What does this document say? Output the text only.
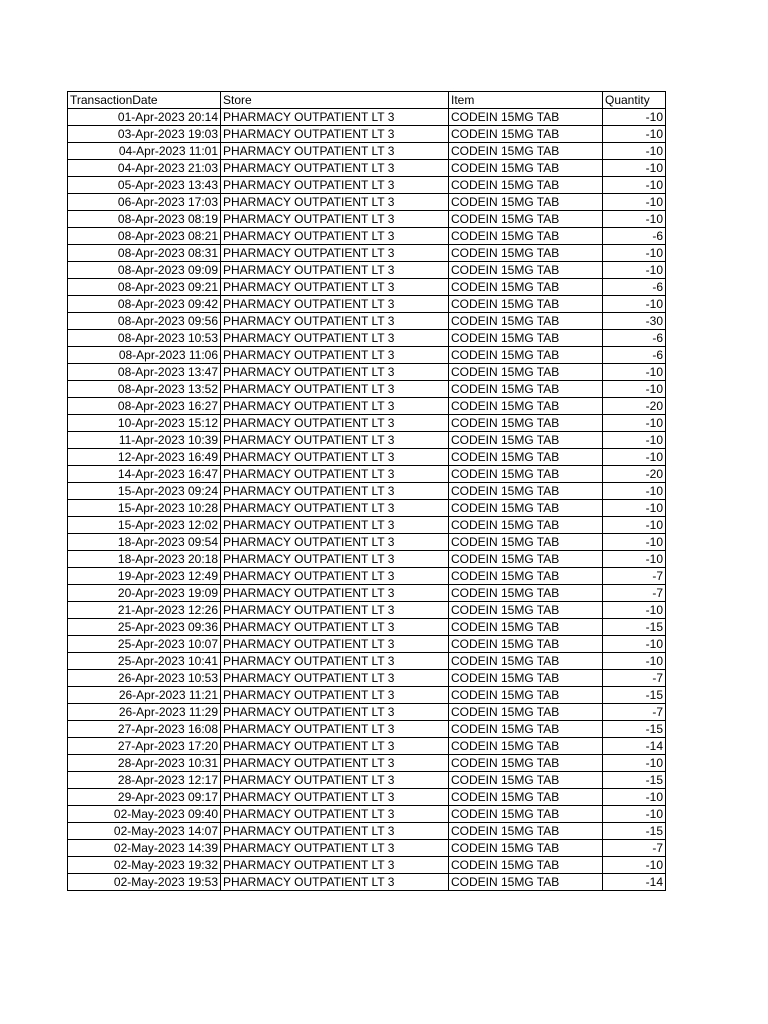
TransactionDate	Store	Item	Quantity
01-Apr-2023 20:14	PHARMACY OUTPATIENT LT 3	CODEIN 15MG TAB	-10
03-Apr-2023 19:03	PHARMACY OUTPATIENT LT 3	CODEIN 15MG TAB	-10
04-Apr-2023 11:01	PHARMACY OUTPATIENT LT 3	CODEIN 15MG TAB	-10
04-Apr-2023 21:03	PHARMACY OUTPATIENT LT 3	CODEIN 15MG TAB	-10
05-Apr-2023 13:43	PHARMACY OUTPATIENT LT 3	CODEIN 15MG TAB	-10
06-Apr-2023 17:03	PHARMACY OUTPATIENT LT 3	CODEIN 15MG TAB	-10
08-Apr-2023 08:19	PHARMACY OUTPATIENT LT 3	CODEIN 15MG TAB	-10
08-Apr-2023 08:21	PHARMACY OUTPATIENT LT 3	CODEIN 15MG TAB	-6
08-Apr-2023 08:31	PHARMACY OUTPATIENT LT 3	CODEIN 15MG TAB	-10
08-Apr-2023 09:09	PHARMACY OUTPATIENT LT 3	CODEIN 15MG TAB	-10
08-Apr-2023 09:21	PHARMACY OUTPATIENT LT 3	CODEIN 15MG TAB	-6
08-Apr-2023 09:42	PHARMACY OUTPATIENT LT 3	CODEIN 15MG TAB	-10
08-Apr-2023 09:56	PHARMACY OUTPATIENT LT 3	CODEIN 15MG TAB	-30
08-Apr-2023 10:53	PHARMACY OUTPATIENT LT 3	CODEIN 15MG TAB	-6
08-Apr-2023 11:06	PHARMACY OUTPATIENT LT 3	CODEIN 15MG TAB	-6
08-Apr-2023 13:47	PHARMACY OUTPATIENT LT 3	CODEIN 15MG TAB	-10
08-Apr-2023 13:52	PHARMACY OUTPATIENT LT 3	CODEIN 15MG TAB	-10
08-Apr-2023 16:27	PHARMACY OUTPATIENT LT 3	CODEIN 15MG TAB	-20
10-Apr-2023 15:12	PHARMACY OUTPATIENT LT 3	CODEIN 15MG TAB	-10
11-Apr-2023 10:39	PHARMACY OUTPATIENT LT 3	CODEIN 15MG TAB	-10
12-Apr-2023 16:49	PHARMACY OUTPATIENT LT 3	CODEIN 15MG TAB	-10
14-Apr-2023 16:47	PHARMACY OUTPATIENT LT 3	CODEIN 15MG TAB	-20
15-Apr-2023 09:24	PHARMACY OUTPATIENT LT 3	CODEIN 15MG TAB	-10
15-Apr-2023 10:28	PHARMACY OUTPATIENT LT 3	CODEIN 15MG TAB	-10
15-Apr-2023 12:02	PHARMACY OUTPATIENT LT 3	CODEIN 15MG TAB	-10
18-Apr-2023 09:54	PHARMACY OUTPATIENT LT 3	CODEIN 15MG TAB	-10
18-Apr-2023 20:18	PHARMACY OUTPATIENT LT 3	CODEIN 15MG TAB	-10
19-Apr-2023 12:49	PHARMACY OUTPATIENT LT 3	CODEIN 15MG TAB	-7
20-Apr-2023 19:09	PHARMACY OUTPATIENT LT 3	CODEIN 15MG TAB	-7
21-Apr-2023 12:26	PHARMACY OUTPATIENT LT 3	CODEIN 15MG TAB	-10
25-Apr-2023 09:36	PHARMACY OUTPATIENT LT 3	CODEIN 15MG TAB	-15
25-Apr-2023 10:07	PHARMACY OUTPATIENT LT 3	CODEIN 15MG TAB	-10
25-Apr-2023 10:41	PHARMACY OUTPATIENT LT 3	CODEIN 15MG TAB	-10
26-Apr-2023 10:53	PHARMACY OUTPATIENT LT 3	CODEIN 15MG TAB	-7
26-Apr-2023 11:21	PHARMACY OUTPATIENT LT 3	CODEIN 15MG TAB	-15
26-Apr-2023 11:29	PHARMACY OUTPATIENT LT 3	CODEIN 15MG TAB	-7
27-Apr-2023 16:08	PHARMACY OUTPATIENT LT 3	CODEIN 15MG TAB	-15
27-Apr-2023 17:20	PHARMACY OUTPATIENT LT 3	CODEIN 15MG TAB	-14
28-Apr-2023 10:31	PHARMACY OUTPATIENT LT 3	CODEIN 15MG TAB	-10
28-Apr-2023 12:17	PHARMACY OUTPATIENT LT 3	CODEIN 15MG TAB	-15
29-Apr-2023 09:17	PHARMACY OUTPATIENT LT 3	CODEIN 15MG TAB	-10
02-May-2023 09:40	PHARMACY OUTPATIENT LT 3	CODEIN 15MG TAB	-10
02-May-2023 14:07	PHARMACY OUTPATIENT LT 3	CODEIN 15MG TAB	-15
02-May-2023 14:39	PHARMACY OUTPATIENT LT 3	CODEIN 15MG TAB	-7
02-May-2023 19:32	PHARMACY OUTPATIENT LT 3	CODEIN 15MG TAB	-10
02-May-2023 19:53	PHARMACY OUTPATIENT LT 3	CODEIN 15MG TAB	-14
